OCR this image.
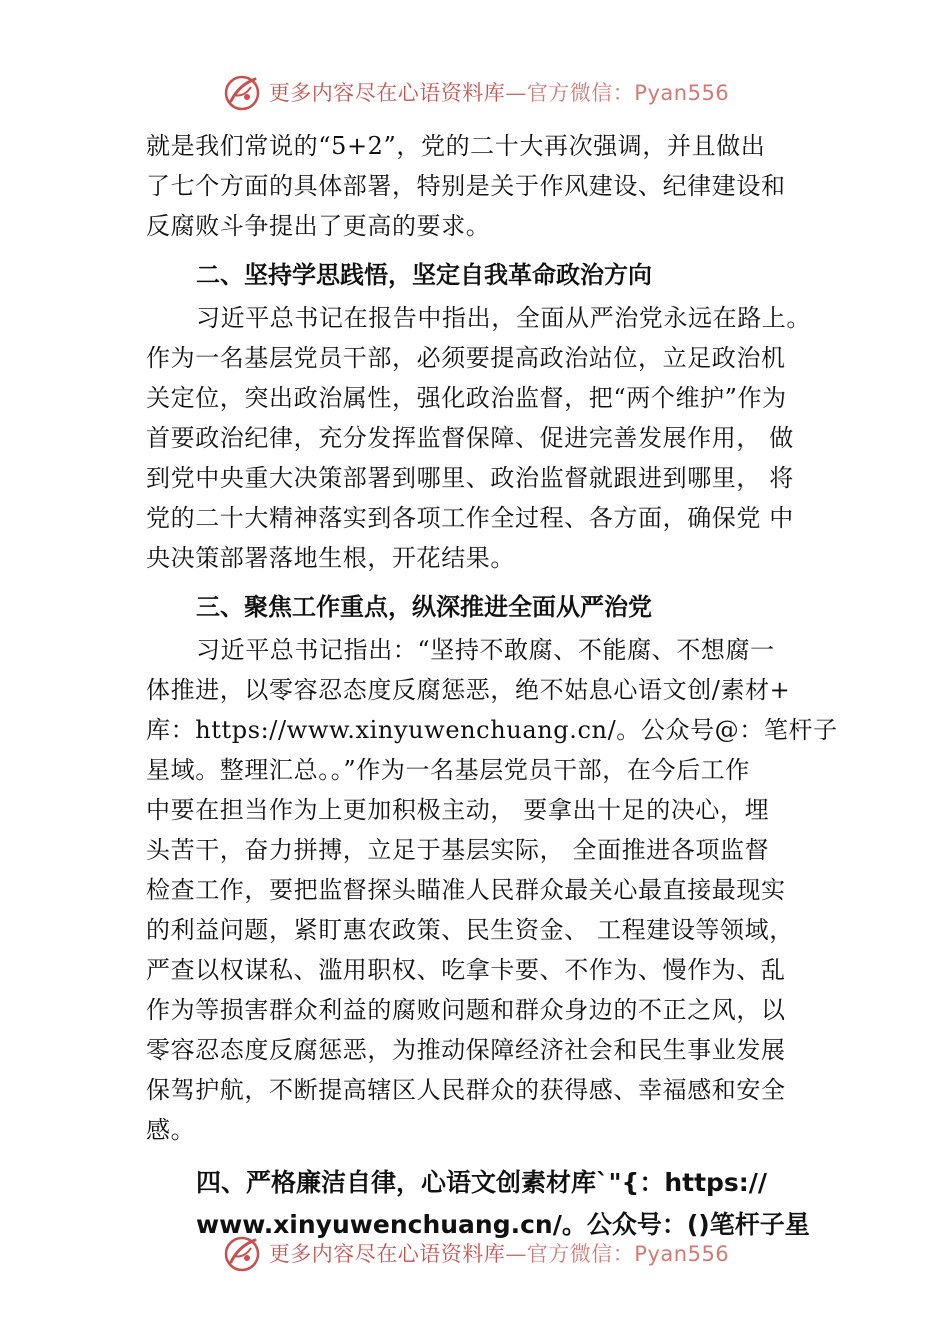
更多内容尽在心语资料库—官方微信：Pyan556
就是我们常说的“5+2”，党的二十大再次强调，并且做出
了七个方面的具体部署，特别是关于作风建设、纪律建设和
反腐败斗争提出了更高的要求。
二、坚持学思践悟，坚定自我革命政治方向
习近平总书记在报告中指出，全面从严治党永远在路上。
作为一名基层党员干部，必须要提高政治站位，立足政治机
关定位，突出政治属性，强化政治监督，把“两个维护”作为
首要政治纪律，充分发挥监督保障、促进完善发展作用， 做
到党中央重大决策部署到哪里、政治监督就跟进到哪里， 将
党的二十大精神落实到各项工作全过程、各方面，确保党 中
央决策部署落地生根，开花结果。
三、聚焦工作重点，纵深推进全面从严治党
习近平总书记指出：“坚持不敢腐、不能腐、不想腐一
体推进，以零容忍态度反腐惩恶，绝不姑息心语文创/素材+
库：https://www.xinyuwenchuang.cn/。公众号@：笔杆子
星域。整理汇总。。”作为一名基层党员干部，在今后工作
中要在担当作为上更加积极主动， 要拿出十足的决心，埋
头苦干，奋力拼搏，立足于基层实际， 全面推进各项监督
检查工作，要把监督探头瞄准人民群众最关心最直接最现实
的利益问题，紧盯惠农政策、民生资金、 工程建设等领域，
严查以权谋私、滥用职权、吃拿卡要、不作为、慢作为、乱
作为等损害群众利益的腐败问题和群众身边的不正之风，以
零容忍态度反腐惩恶，为推动保障经济社会和民生事业发展
保驾护航，不断提高辖区人民群众的获得感、幸福感和安全
感。
四、严格廉洁自律，心语文创素材库`"{：https://
www.xinyuwenchuang.cn/。公众号：()笔杆子星
更多内容尽在心语资料库—官方微信：Pyan556
